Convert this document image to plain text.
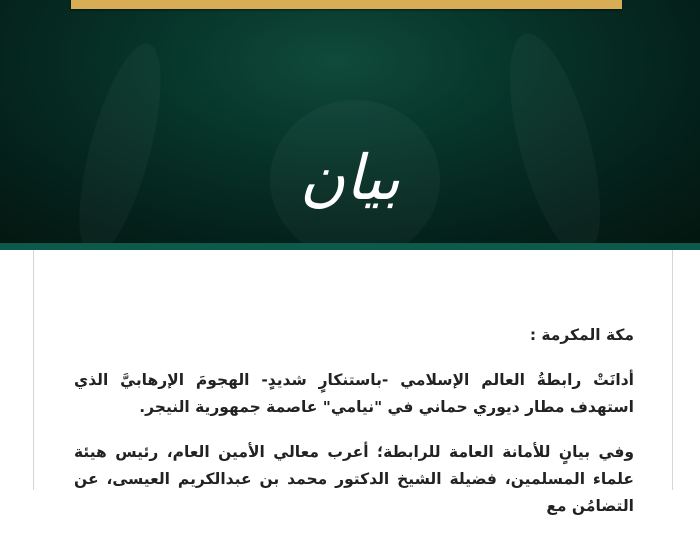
بيان

مكة المكرمة :

أدانَتْ رابطةُ العالم الإسلامي -باستنكارٍ شديدٍ- الهجومَ الإرهابيَّ الذي استهدف مطار ديوري حماني في "نيامي" عاصمة جمهورية النيجر.

وفي بيانٍ للأمانة العامة للرابطة؛ أعرب معالي الأمين العام، رئيس هيئة علماء المسلمين، فضيلة الشيخ الدكتور محمد بن عبدالكريم العيسى، عن التضامُن مع
